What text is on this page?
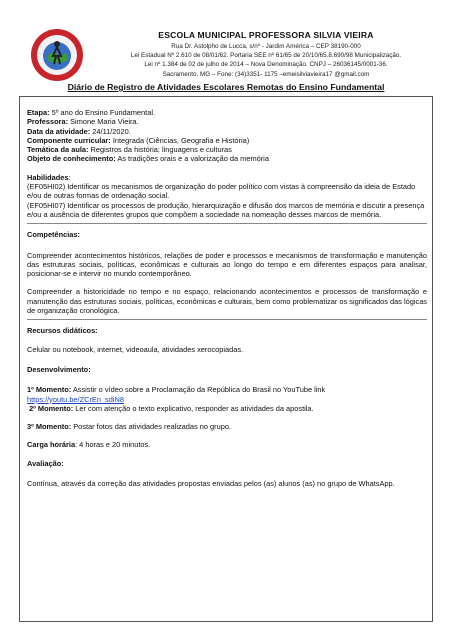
ESCOLA MUNICIPAL PROFESSORA SILVIA VIEIRA
Rua Dr. Astolpho de Lucca, s/nº - Jardim América – CEP 38190-000
Lei Estadual Nº 2.610 de 08/01/62. Portaria SEE nº 61/65 de 20/10/65.8.690/98 Municipalização.
Lei nº 1.384 de 02 de julho de 2014 – Nova Denominação. CNPJ – 26036145/0001-36.
Sacramento, MG – Fone: (34)3351- 1175 –emeisilviavieira17 @gmail.com
Diário de Registro de Atividades Escolares Remotas do Ensino Fundamental

Etapa: 5º ano do Ensino Fundamental.

Professora: Simone Maria Vieira.

Data da atividade: 24/11/2020.

Componente curricular: Integrada (Ciências, Geografia e História)

Temática da aula: Registros da história: linguagens e culturas

Objeto de conhecimento: As tradições orais e a valorização da memória

Habilidades:

(EF05HI02) Identificar os mecanismos de organização do poder político com vistas à compreensão da ideia de Estado e/ou de outras formas de ordenação social.

(EF05HI07) Identificar os processos de produção, hierarquização e difusão dos marcos de memória e discutir a presença e/ou a ausência de diferentes grupos que compõem a sociedade na nomeação desses marcos de memória.

Competências:

Compreender acontecimentos históricos, relações de poder e processos e mecanismos de transformação e manutenção das estruturas sociais, políticas, econômicas e culturais ao longo do tempo e em diferentes espaços para analisar, posicionar-se e intervir no mundo contemporâneo.

Compreender a historicidade no tempo e no espaço, relacionando acontecimentos e processos de transformação e manutenção das estruturas sociais, políticas, econômicas e culturais, bem como problematizar os significados das lógicas de organização cronológica.

Recursos didáticos:

Celular ou notebook, internet, videoaula, atividades xerocopiadas.

Desenvolvimento:

1º Momento: Assistir o vídeo sobre a Proclamação da República do Brasil no YouTube link

https://youtu.be/ZCrEn_sdiN8

2º Momento: Ler com atenção o texto explicativo, responder as atividades da apostila.

3º Momento: Postar fotos das atividades realizadas no grupo.

Carga horária: 4 horas e 20 minutos.

Avaliação:

Contínua, através da correção das atividades propostas enviadas pelos (as) alunos (as) no grupo de WhatsApp.
